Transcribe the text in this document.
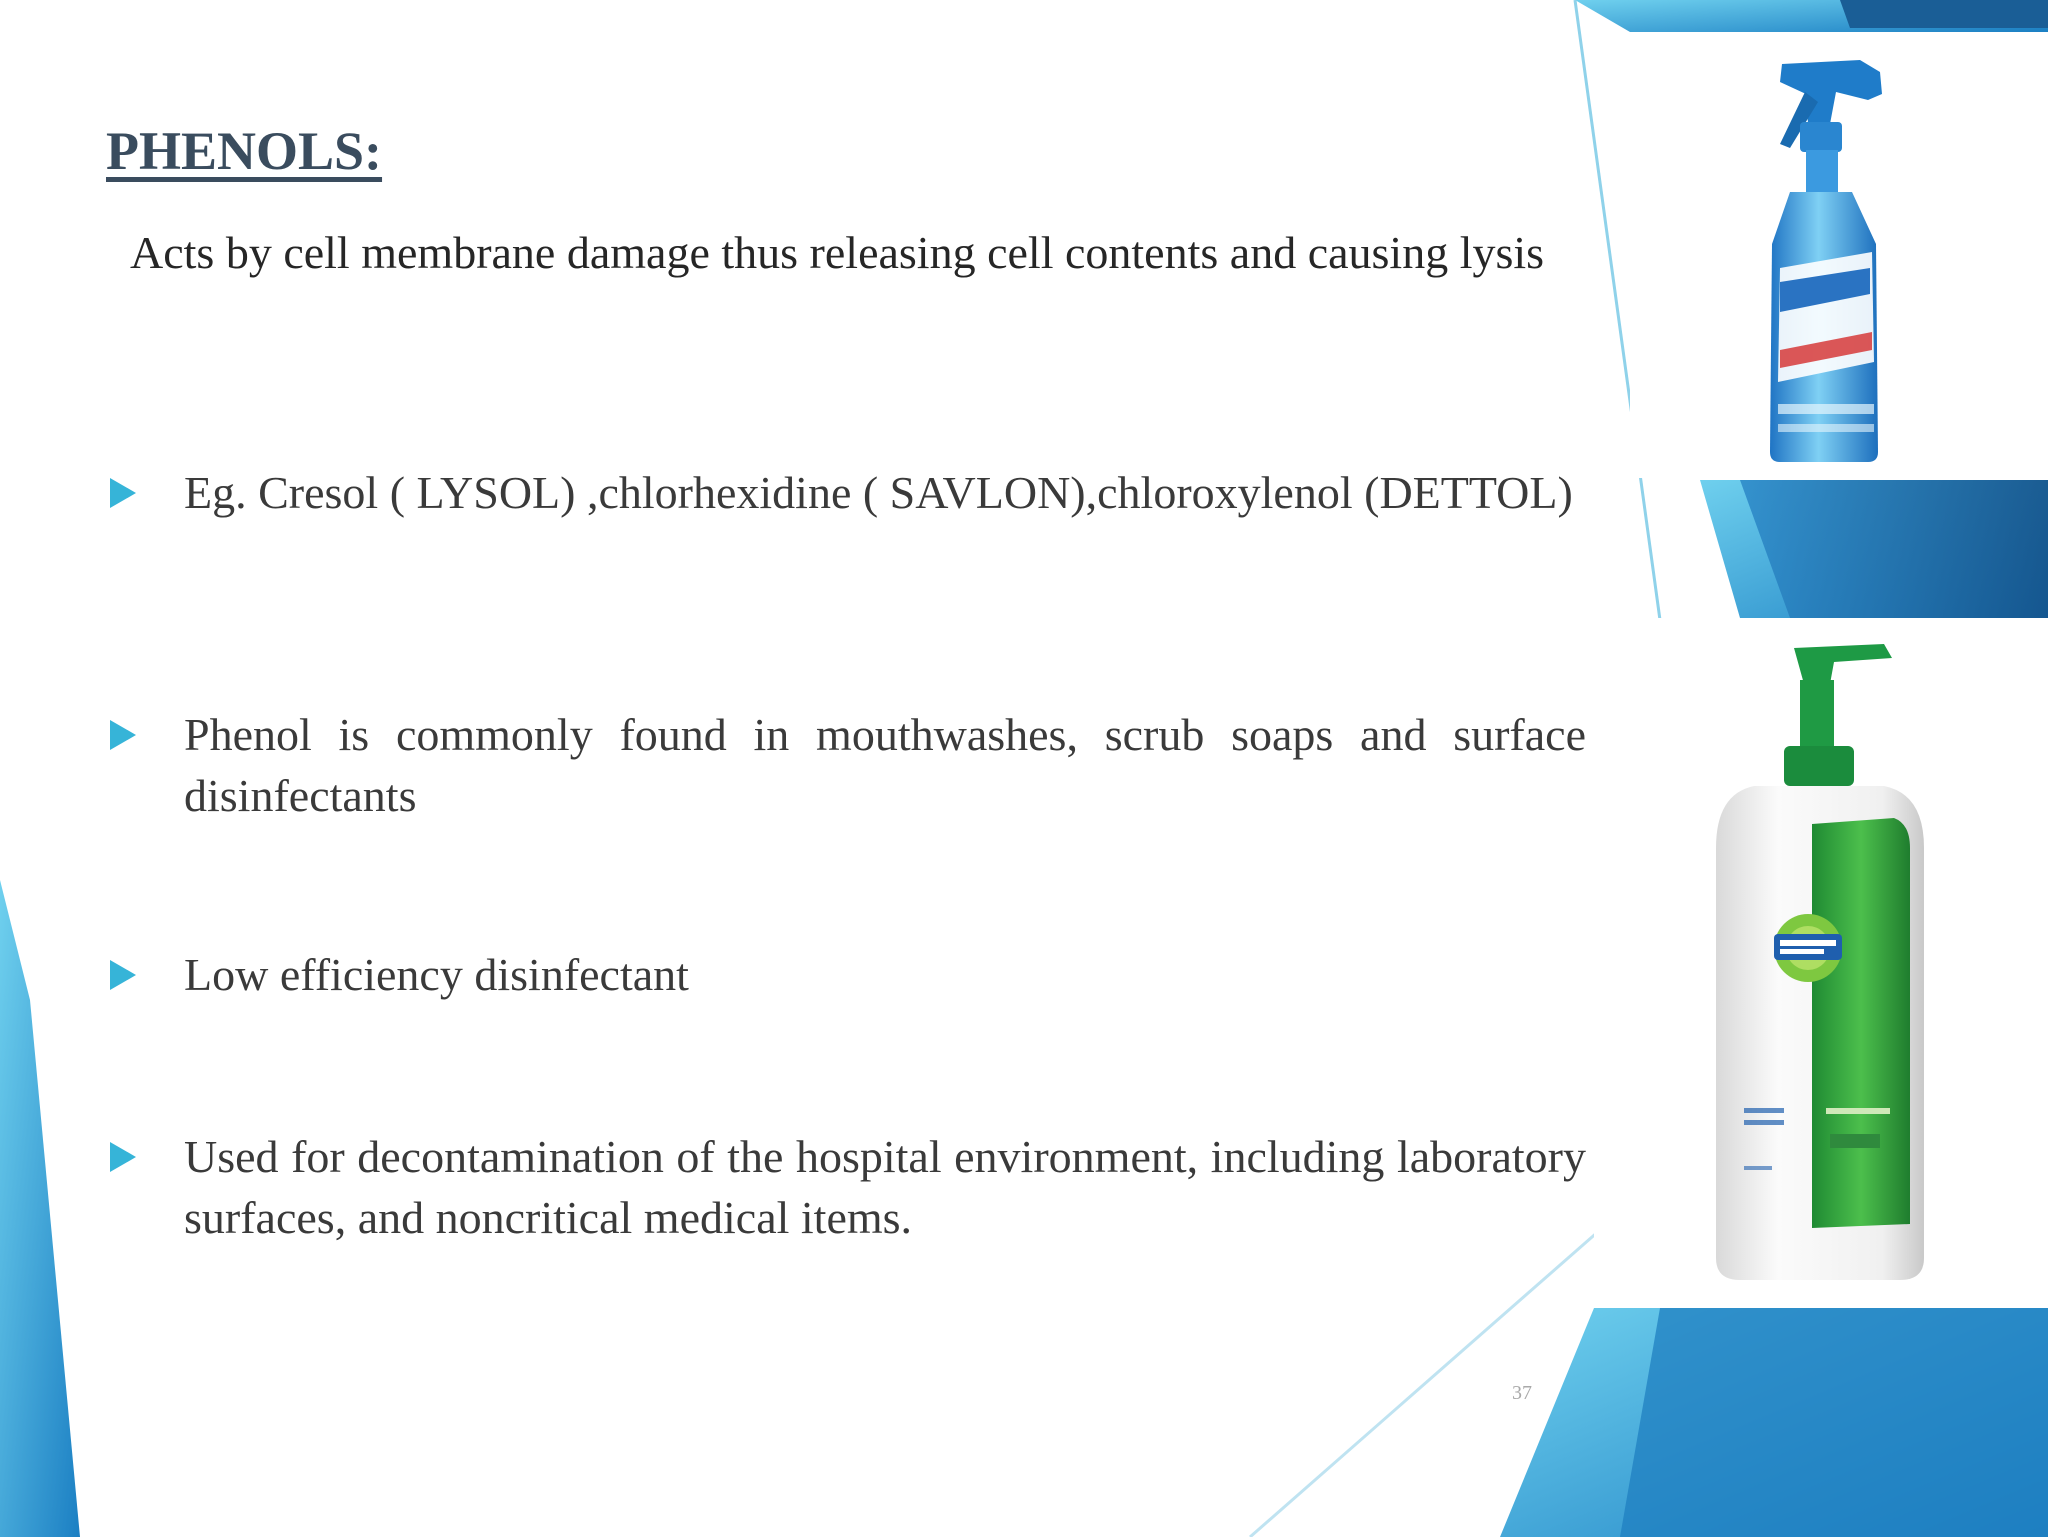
PHENOLS:
Acts by cell membrane damage thus releasing cell contents and causing lysis
Eg. Cresol ( LYSOL) ,chlorhexidine ( SAVLON),chloroxylenol (DETTOL)
Phenol is commonly found in mouthwashes, scrub soaps and surface disinfectants
Low efficiency disinfectant
Used for decontamination of the hospital environment, including laboratory surfaces, and noncritical medical items.
37
